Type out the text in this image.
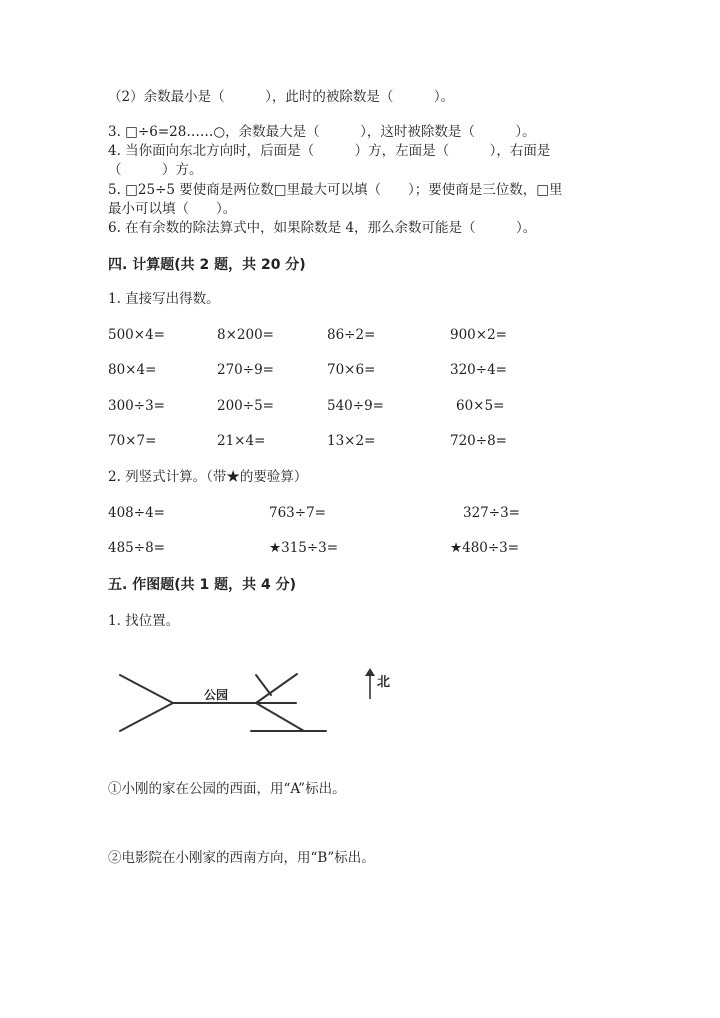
（2）余数最小是（　　　），此时的被除数是（　　　）。
3. □÷6=28……○，余数最大是（　　　），这时被除数是（　　　）。
4. 当你面向东北方向时，后面是（　　　）方，左面是（　　　），右面是
（　　　）方。
5. □25÷5 要使商是两位数□里最大可以填（　　）；要使商是三位数，□里
最小可以填（　　）。
6. 在有余数的除法算式中，如果除数是 4，那么余数可能是（　　　）。
四. 计算题(共 2 题，共 20 分)
1. 直接写出得数。
500×4=	8×200=	86÷2=	900×2=
80×4=	270÷9=	70×6=	320÷4=
300÷3=	200÷5=	540÷9=	60×5=
70×7=	21×4=	13×2=	720÷8=
2. 列竖式计算。（带★的要验算）
408÷4=	763÷7=	327÷3=
485÷8=	★315÷3=	★480÷3=
五. 作图题(共 1 题，共 4 分)
1. 找位置。
公园
北
①小刚的家在公园的西面，用“A”标出。
②电影院在小刚家的西南方向，用“B”标出。
